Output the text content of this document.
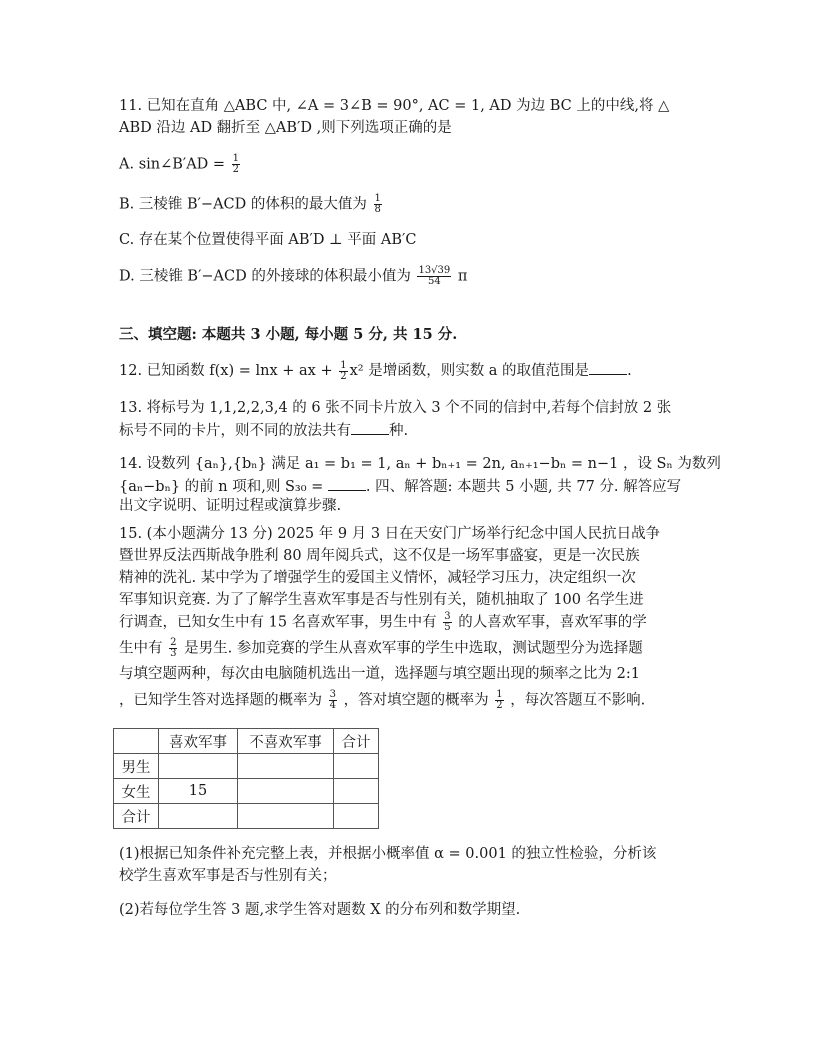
11. 已知在直角 △ABC 中, ∠A = 3∠B = 90°, AC = 1, AD 为边 BC 上的中线,将 △
ABD 沿边 AD 翻折至 △AB′D ,则下列选项正确的是
A. sin∠B′AD = $\frac{1}{2}$
B. 三棱锥 B′−ACD 的体积的最大值为 $\frac{1}{8}$
C. 存在某个位置使得平面 AB′D ⊥ 平面 AB′C
D. 三棱锥 B′−ACD 的外接球的体积最小值为 $\frac{13√39}{54}$ π
三、填空题: 本题共 3 小题, 每小题 5 分, 共 15 分.
12. 已知函数 f(x) = lnx + ax + $\frac{1}{2} x^2$ 是增函数，则实数 a 的取值范围是	.
13. 将标号为 1,1,2,2,3,4 的 6 张不同卡片放入 3 个不同的信封中,若每个信封放 2 张
标号不同的卡片，则不同的放法共有	种.
14. 设数列 {aₙ},{bₙ} 满足 a₁ = b₁ = 1, aₙ + bₙ₊₁ = 2n, aₙ₊₁−bₙ = n−1 ，设 Sₙ 为数列
{aₙ−bₙ} 的前 n 项和,则 S₃₀ =	. 四、解答题: 本题共 5 小题, 共 77 分. 解答应写
出文字说明、证明过程或演算步骤.
15. (本小题满分 13 分) 2025 年 9 月 3 日在天安门广场举行纪念中国人民抗日战争
暨世界反法西斯战争胜利 80 周年阅兵式，这不仅是一场军事盛宴，更是一次民族
精神的洗礼. 某中学为了增强学生的爱国主义情怀，减轻学习压力，决定组织一次
军事知识竞赛. 为了了解学生喜欢军事是否与性别有关，随机抽取了 100 名学生进
行调查，已知女生中有 15 名喜欢军事，男生中有 $\frac{3}{5}$ 的人喜欢军事，喜欢军事的学
生中有 $\frac{2}{3}$ 是男生. 参加竞赛的学生从喜欢军事的学生中选取，测试题型分为选择题
与填空题两种，每次由电脑随机选出一道，选择题与填空题出现的频率之比为 2:1
，已知学生答对选择题的概率为 $\frac{3}{4}$ ，答对填空题的概率为 $\frac{1}{2}$ ，每次答题互不影响.
	喜欢军事	不喜欢军事	合计
男生			
女生	15		
合计			
(1)根据已知条件补充完整上表，并根据小概率值 α = 0.001 的独立性检验，分析该
校学生喜欢军事是否与性别有关；
(2)若每位学生答 3 题,求学生答对题数 X 的分布列和数学期望.
